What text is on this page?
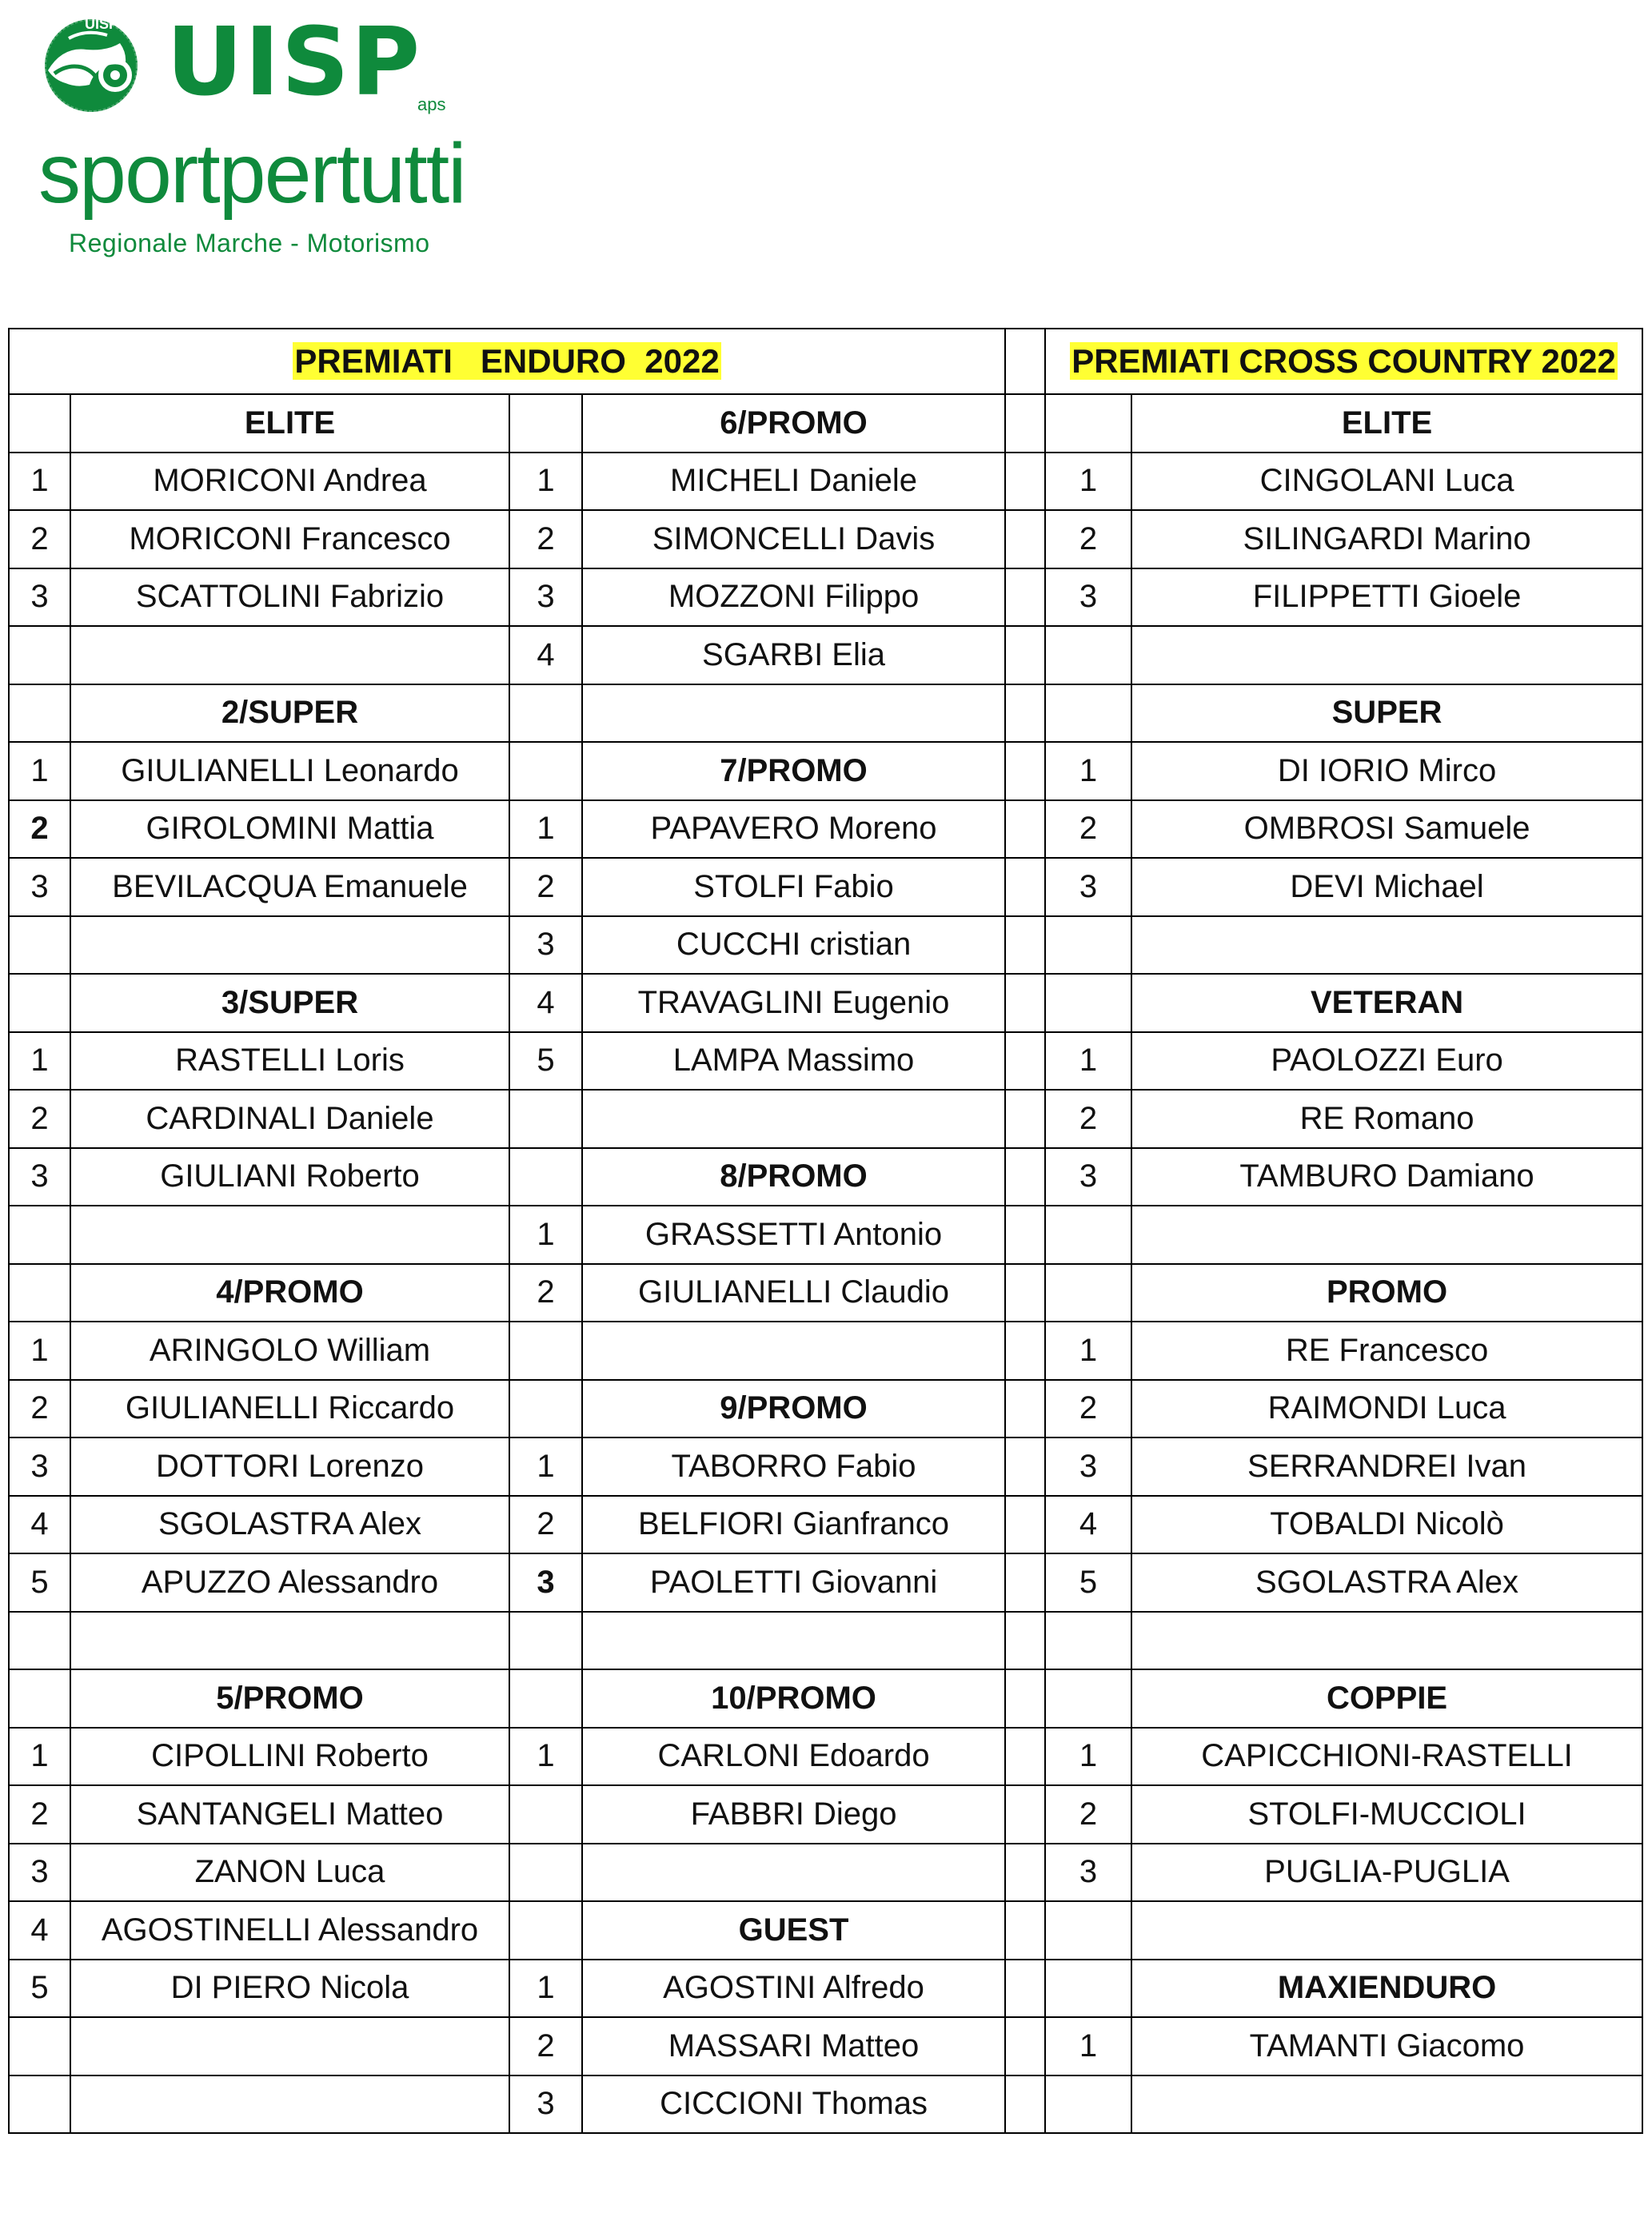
UISP UISP
aps
sportpertutti
Regionale Marche - Motorismo
PREMIATI   ENDURO  2022					PREMIATI CROSS COUNTRY 2022	
	ELITE		6/PROMO			ELITE
1	MORICONI Andrea	1	MICHELI Daniele		1	CINGOLANI Luca
2	MORICONI Francesco	2	SIMONCELLI Davis		2	SILINGARDI Marino
3	SCATTOLINI Fabrizio	3	MOZZONI Filippo		3	FILIPPETTI Gioele
		4	SGARBI Elia			
	2/SUPER					SUPER
1	GIULIANELLI Leonardo		7/PROMO		1	DI IORIO Mirco
2	GIROLOMINI Mattia	1	PAPAVERO Moreno		2	OMBROSI Samuele
3	BEVILACQUA Emanuele	2	STOLFI Fabio		3	DEVI Michael
		3	CUCCHI cristian			
	3/SUPER	4	TRAVAGLINI Eugenio			VETERAN
1	RASTELLI Loris	5	LAMPA Massimo		1	PAOLOZZI Euro
2	CARDINALI Daniele				2	RE Romano
3	GIULIANI Roberto		8/PROMO		3	TAMBURO Damiano
		1	GRASSETTI Antonio			
	4/PROMO	2	GIULIANELLI Claudio			PROMO
1	ARINGOLO William				1	RE Francesco
2	GIULIANELLI Riccardo		9/PROMO		2	RAIMONDI Luca
3	DOTTORI Lorenzo	1	TABORRO Fabio		3	SERRANDREI Ivan
4	SGOLASTRA Alex	2	BELFIORI Gianfranco		4	TOBALDI Nicolò
5	APUZZO Alessandro	3	PAOLETTI Giovanni		5	SGOLASTRA Alex

	5/PROMO		10/PROMO			COPPIE
1	CIPOLLINI Roberto	1	CARLONI Edoardo		1	CAPICCHIONI-RASTELLI
2	SANTANGELI Matteo		FABBRI Diego		2	STOLFI-MUCCIOLI
3	ZANON Luca				3	PUGLIA-PUGLIA
4	AGOSTINELLI Alessandro		GUEST			
5	DI PIERO Nicola	1	AGOSTINI Alfredo			MAXIENDURO
		2	MASSARI Matteo		1	TAMANTI Giacomo
		3	CICCIONI Thomas			
